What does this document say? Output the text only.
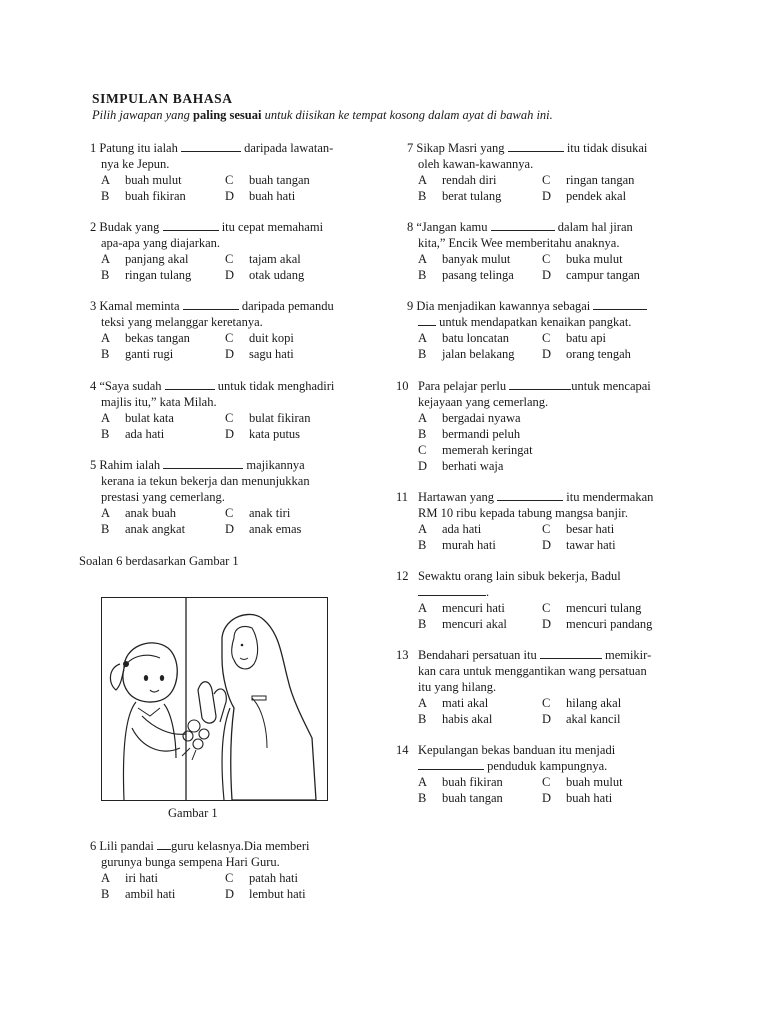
SIMPULAN BAHASA
Pilih jawapan yang paling sesuai untuk diisikan ke tempat kosong dalam ayat di bawah ini.
1 Patung itu ialah	daripada lawatan-
nya ke Jepun.
A buah mulut	C buah tangan
B buah fikiran	D buah hati
2 Budak yang	itu cepat memahami
apa-apa yang diajarkan.
A panjang akal	C tajam akal
B ringan tulang	D otak udang
3 Kamal meminta	daripada pemandu
teksi yang melanggar keretanya.
A bekas tangan	C duit kopi
B ganti rugi	D sagu hati
4 “Saya sudah	untuk tidak menghadiri
majlis itu,” kata Milah.
A bulat kata	C bulat fikiran
B ada hati	D kata putus
5 Rahim ialah	majikannya
kerana ia tekun bekerja dan menunjukkan
prestasi yang cemerlang.
A anak buah	C anak tiri
B anak angkat	D anak emas
Soalan 6 berdasarkan Gambar 1
Gambar 1
6 Lili pandai guru kelasnya.Dia memberi
gurunya bunga sempena Hari Guru.
A iri hati	C patah hati
B ambil hati	D lembut hati
7 Sikap Masri yang	itu tidak disukai
oleh kawan-kawannya.
A rendah diri	C ringan tangan
B berat tulang	D pendek akal
8 “Jangan kamu	dalam hal jiran
kita,” Encik Wee memberitahu anaknya.
A banyak mulut	C buka mulut
B pasang telinga D campur tangan
9 Dia menjadikan kawannya sebagai
untuk mendapatkan kenaikan pangkat.
A batu loncatan	C batu api
B jalan belakang D orang tengah
10 Para pelajar perlu	untuk mencapai
kejayaan yang cemerlang.
A bergadai nyawa
B bermandi peluh
C memerah keringat
D berhati waja
11 Hartawan yang	itu mendermakan
RM 10 ribu kepada tabung mangsa banjir.
A ada hati	C besar hati
B murah hati	D tawar hati
12 Sewaktu orang lain sibuk bekerja, Badul
.
A mencuri hati	C mencuri tulang
B mencuri akal	D mencuri pandang
13 Bendahari persatuan itu	memikir-
kan cara untuk menggantikan wang persatuan
itu yang hilang.
A mati akal	C hilang akal
B habis akal	D akal kancil
14 Kepulangan bekas banduan itu menjadi
penduduk kampungnya.
A buah fikiran	C buah mulut
B buah tangan	D buah hati
